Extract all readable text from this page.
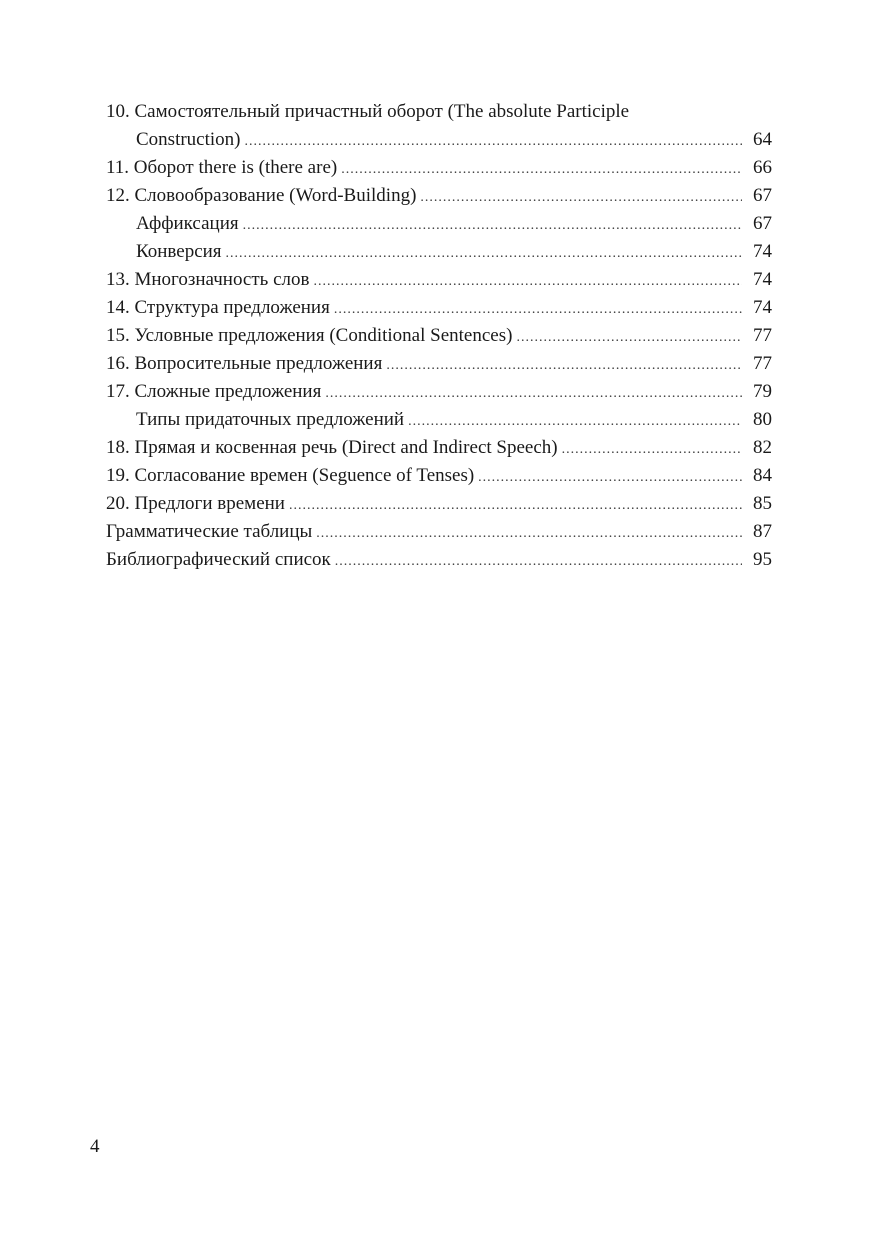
10. Самостоятельный причастный оборот (The absolute Participle
Construction) .....	64
11. Оборот there is (there are) .....	66
12. Словообразование (Word-Building) .....	67
Аффиксация .....	67
Конверсия .....	74
13. Многозначность слов .....	74
14. Структура предложения .....	74
15. Условные предложения (Conditional Sentences) .....	77
16. Вопросительные предложения .....	77
17. Сложные предложения .....	79
Типы придаточных предложений .....	80
18. Прямая и косвенная речь (Direct and Indirect Speech) .....	82
19. Согласование времен (Seguence of Tenses) .....	84
20. Предлоги времени .....	85
Грамматические таблицы .....	87
Библиографический список .....	95
4
